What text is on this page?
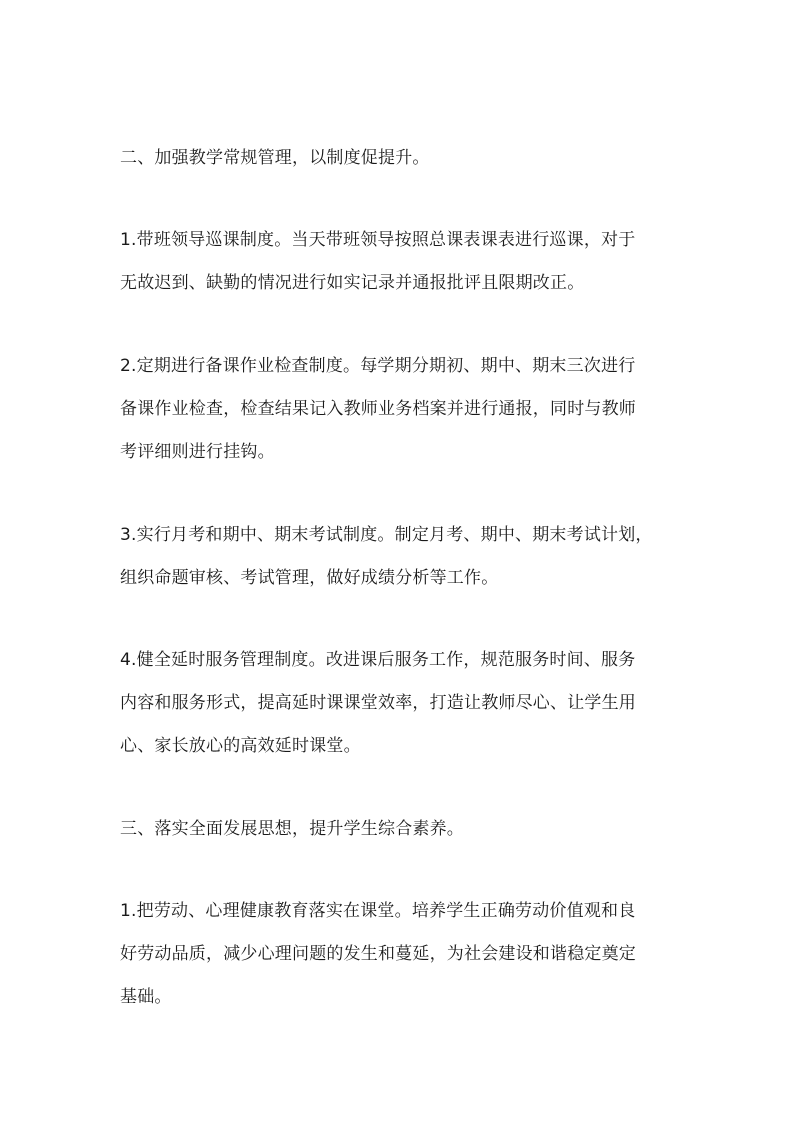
二、加强教学常规管理，以制度促提升。
1.带班领导巡课制度。当天带班领导按照总课表课表进行巡课，对于
无故迟到、缺勤的情况进行如实记录并通报批评且限期改正。
2.定期进行备课作业检查制度。每学期分期初、期中、期末三次进行
备课作业检查，检查结果记入教师业务档案并进行通报，同时与教师
考评细则进行挂钩。
3.实行月考和期中、期末考试制度。制定月考、期中、期末考试计划，
组织命题审核、考试管理，做好成绩分析等工作。
4.健全延时服务管理制度。改进课后服务工作，规范服务时间、服务
内容和服务形式，提高延时课课堂效率，打造让教师尽心、让学生用
心、家长放心的高效延时课堂。
三、落实全面发展思想，提升学生综合素养。
1.把劳动、心理健康教育落实在课堂。培养学生正确劳动价值观和良
好劳动品质，减少心理问题的发生和蔓延，为社会建设和谐稳定奠定
基础。
